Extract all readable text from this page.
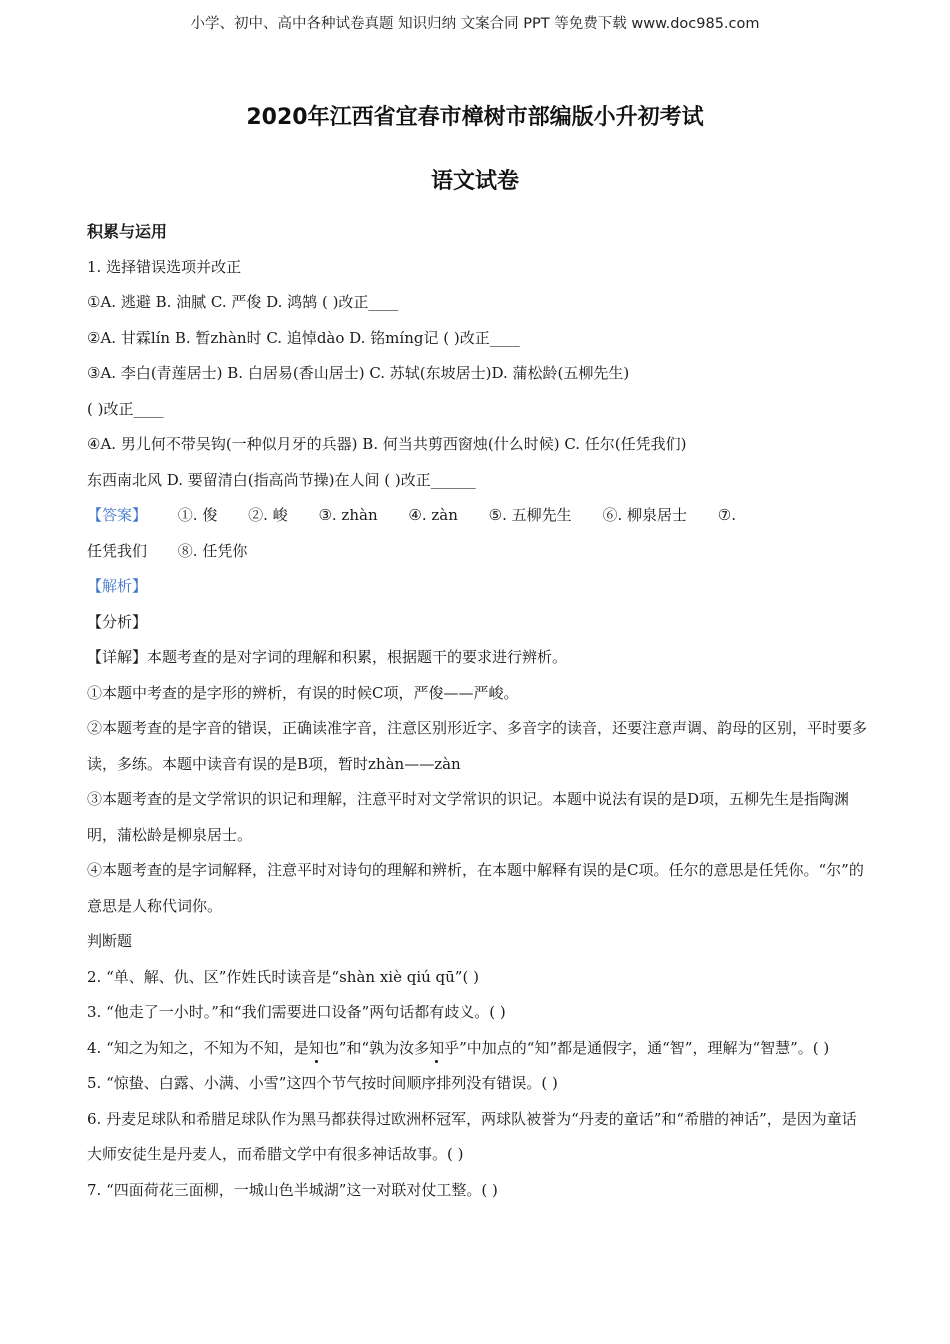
小学、初中、高中各种试卷真题 知识归纳 文案合同 PPT 等免费下载 www.doc985.com
2020年江西省宜春市樟树市部编版小升初考试
语文试卷

积累与运用

1. 选择错误选项并改正

①A. 逃避 B. 油腻 C. 严俊 D. 鸿鹄 ( )改正____

②A. 甘霖lín B. 暂zhàn时 C. 追悼dào D. 铭míng记 ( )改正____

③A. 李白(青莲居士) B. 白居易(香山居士) C. 苏轼(东坡居士)D. 蒲松龄(五柳先生)

( )改正____

④A. 男儿何不带吴钩(一种似月牙的兵器) B. 何当共剪西窗烛(什么时候) C. 任尔(任凭我们)

东西南北风 D. 要留清白(指高尚节操)在人间 ( )改正______

【答案】 ①. 俊 ②. 峻 ③. zhàn ④. zàn ⑤. 五柳先生 ⑥. 柳泉居士 ⑦.

任凭我们 ⑧. 任凭你

【解析】

【分析】

【详解】本题考查的是对字词的理解和积累，根据题干的要求进行辨析。

①本题中考查的是字形的辨析，有误的时候C项，严俊——严峻。

②本题考查的是字音的错误，正确读准字音，注意区别形近字、多音字的读音，还要注意声调、韵母的区别，平时要多读，多练。本题中读音有误的是B项，暂时zhàn——zàn

③本题考查的是文学常识的识记和理解，注意平时对文学常识的识记。本题中说法有误的是D项，五柳先生是指陶渊明，蒲松龄是柳泉居士。

④本题考查的是字词解释，注意平时对诗句的理解和辨析，在本题中解释有误的是C项。任尔的意思是任凭你。“尔”的意思是人称代词你。

判断题

2. “单、解、仇、区”作姓氏时读音是“shàn xiè qiú qū”( )

3. “他走了一小时。”和“我们需要进口设备”两句话都有歧义。( )

4. “知之为知之，不知为不知，是知也”和“孰为汝多知乎”中加点的“知”都是通假字，通“智”，理解为“智慧”。( )

5. “惊蛰、白露、小满、小雪”这四个节气按时间顺序排列没有错误。( )

6. 丹麦足球队和希腊足球队作为黑马都获得过欧洲杯冠军，两球队被誉为“丹麦的童话”和“希腊的神话”，是因为童话大师安徒生是丹麦人，而希腊文学中有很多神话故事。( )

7. “四面荷花三面柳，一城山色半城湖”这一对联对仗工整。( )
